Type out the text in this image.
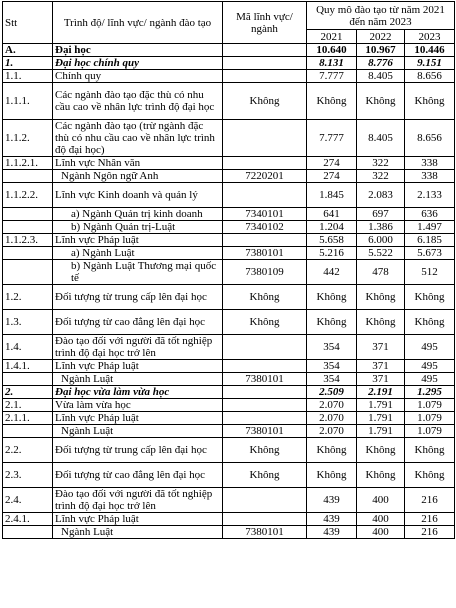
Stt	Trình độ/ lĩnh vực/ ngành đào tạo	Mã lĩnh vực/ ngành	Quy mô đào tạo từ năm 2021 đến năm 2023		
			2021	2022	2023
A.	Đại học		10.640	10.967	10.446
1.	Đại học chính quy		8.131	8.776	9.151
1.1.	Chính quy		7.777	8.405	8.656
1.1.1.	Các ngành đào tạo đặc thù có nhu cầu cao về nhân lực trình độ đại học	Không	Không	Không	Không
1.1.2.	Các ngành đào tạo (trừ ngành đặc thù có nhu cầu cao về nhân lực trình độ đại học)		7.777	8.405	8.656
1.1.2.1.	Lĩnh vực Nhân văn		274	322	338
	Ngành Ngôn ngữ Anh	7220201	274	322	338
1.1.2.2.	Lĩnh vực Kinh doanh và quản lý		1.845	2.083	2.133
	a) Ngành Quản trị kinh doanh	7340101	641	697	636
	b) Ngành Quản trị-Luật	7340102	1.204	1.386	1.497
1.1.2.3.	Lĩnh vực Pháp luật		5.658	6.000	6.185
	a) Ngành Luật	7380101	5.216	5.522	5.673
	b) Ngành Luật Thương mại quốc tế	7380109	442	478	512
1.2.	Đối tượng từ trung cấp lên đại học	Không	Không	Không	Không
1.3.	Đối tượng từ cao đẳng lên đại học	Không	Không	Không	Không
1.4.	Đào tạo đối với người đã tốt nghiệp trình độ đại học trở lên		354	371	495
1.4.1.	Lĩnh vực Pháp luật		354	371	495
	Ngành Luật	7380101	354	371	495
2.	Đại học vừa làm vừa học		2.509	2.191	1.295
2.1.	Vừa làm vừa học		2.070	1.791	1.079
2.1.1.	Lĩnh vực Pháp luật		2.070	1.791	1.079
	Ngành Luật	7380101	2.070	1.791	1.079
2.2.	Đối tượng từ trung cấp lên đại học	Không	Không	Không	Không
2.3.	Đối tượng từ cao đẳng lên đại học	Không	Không	Không	Không
2.4.	Đào tạo đối với người đã tốt nghiệp trình độ đại học trở lên		439	400	216
2.4.1.	Lĩnh vực Pháp luật		439	400	216
	Ngành Luật	7380101	439	400	216
